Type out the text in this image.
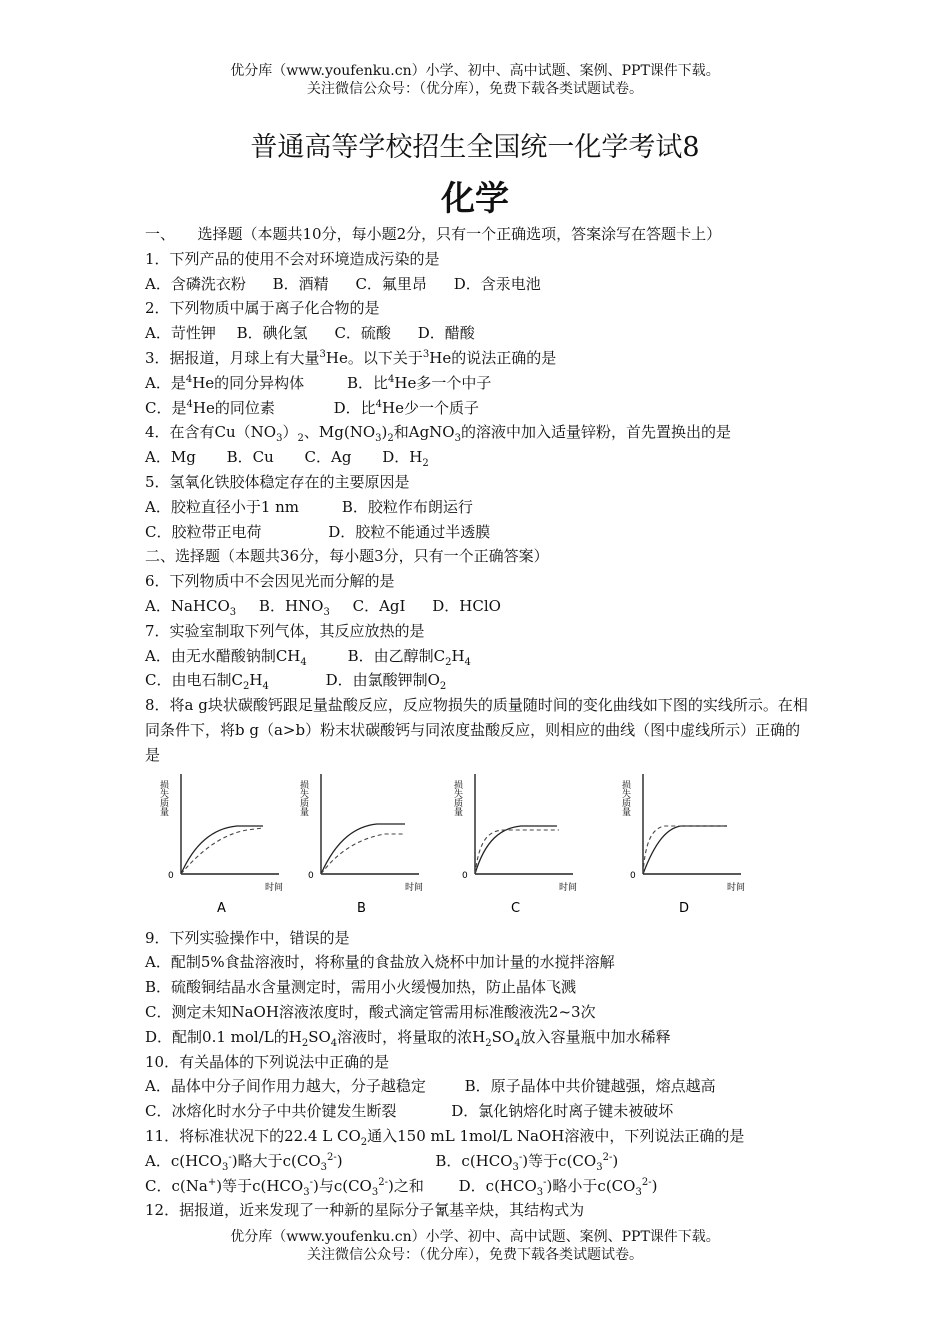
优分库（www.youfenku.cn）小学、初中、高中试题、案例、PPT课件下载。
关注微信公众号：（优分库），免费下载各类试题试卷。
普通高等学校招生全国统一化学考试8
化学
一、　　选择题（本题共10分，每小题2分，只有一个正确选项，答案涂写在答题卡上）
1．下列产品的使用不会对环境造成污染的是
A．含磷洗衣粉 B．酒精 C．氟里昂 D．含汞电池
2．下列物质中属于离子化合物的是
A．苛性钾 B．碘化氢 C．硫酸 D．醋酸
3．据报道，月球上有大量$^3$He。以下关于$^3$He的说法正确的是
A．是$^4$He的同分异构体	B．比$^4$He多一个中子
C．是$^4$He的同位素	D．比$^4$He少一个质子
4．在含有$Cu(NO_3)_2$、$Mg(NO_3)_2$和AgNO$_3$的溶液中加入适量锌粉，首先置换出的是
A．Mg B．Cu C．Ag D．$H_2$
5．氢氧化铁胶体稳定存在的主要原因是
A．胶粒直径小于1 nm	B．胶粒作布朗运行
C．胶粒带正电荷	D．胶粒不能通过半透膜
二、选择题（本题共36分，每小题3分，只有一个正确答案）
6．下列物质中不会因见光而分解的是
A．NaHCO$_3$ B．$HNO_3$ C．AgI D．HClO
7．实验室制取下列气体，其反应放热的是
A．由无水醋酸钠制$CH_4$	B．由乙醇制$C_2H_4$
C．由电石制$C_2H_4$	D．由氯酸钾制$O_2$
8．将a g块状碳酸钙跟足量盐酸反应，反应物损失的质量随时间的变化曲线如下图的实线所示。在相同条件下，将b g（a>b）粉末状碳酸钙与同浓度盐酸反应，则相应的曲线（图中虚线所示）正确的是
损失质量
0
时间
A
损失质量
0
时间
B
损失质量
0
时间
C
损失质量
0
时间
D
9．下列实验操作中，错误的是
A．配制5%食盐溶液时，将称量的食盐放入烧杯中加计量的水搅拌溶解
B．硫酸铜结晶水含量测定时，需用小火缓慢加热，防止晶体飞溅
C．测定未知NaOH溶液浓度时，酸式滴定管需用标准酸液洗2~3次
D．配制0.1 mol/L的$H_2SO_4$溶液时，将量取的浓$H_2SO_4$放入容量瓶中加水稀释
10．有关晶体的下列说法中正确的是
A．晶体中分子间作用力越大，分子越稳定	B．原子晶体中共价键越强，熔点越高
C．冰熔化时水分子中共价键发生断裂	D．氯化钠熔化时离子键未被破坏
11．将标准状况下的22.4 L $CO_2$通入150 mL 1mol/L NaOH溶液中，下列说法正确的是
A．$c(HCO_3^-)$略大于$c(CO_3^{2-})$	B．$c(HCO_3^-)$等于$c(CO_3^{2-})$
C．c(Na+)等于$c(HCO_3^-)$与$c(CO_3^{2-})$之和 D．$c(HCO_3^-)$略小于$c(CO_3^{2-})$
12．据报道，近来发现了一种新的星际分子氰基辛炔，其结构式为
优分库（www.youfenku.cn）小学、初中、高中试题、案例、PPT课件下载。
关注微信公众号：（优分库），免费下载各类试题试卷。
